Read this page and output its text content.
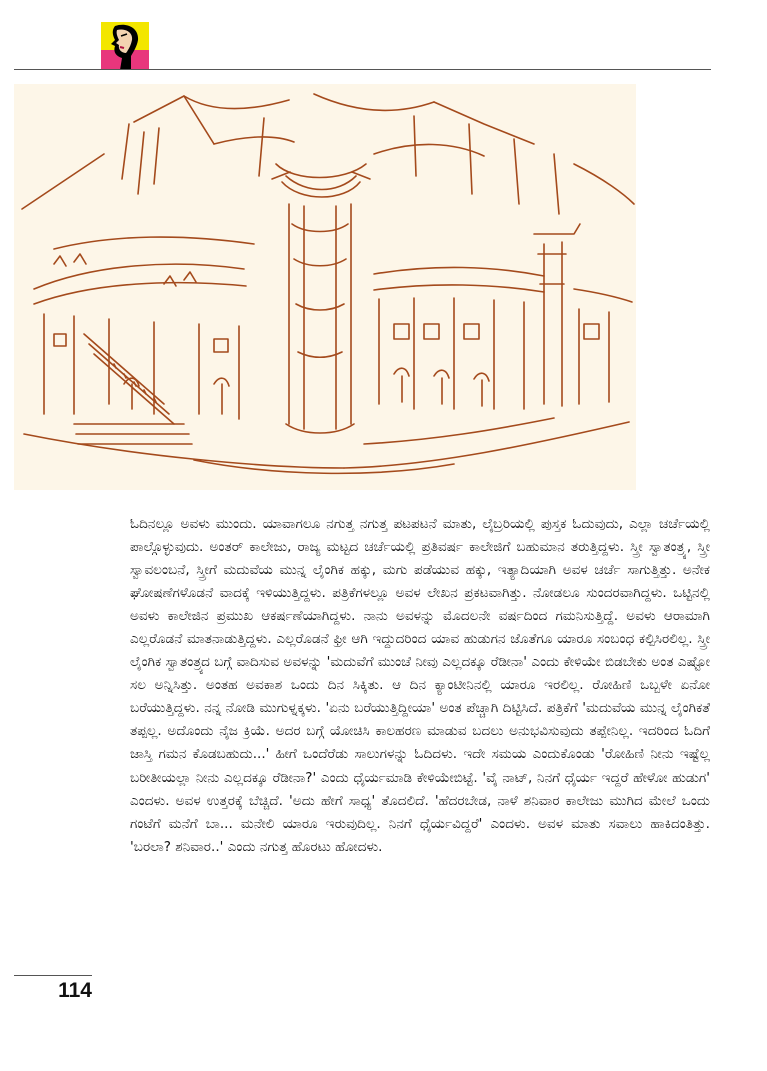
ಓದಿನಲ್ಲೂ ಅವಳು ಮುಂದು. ಯಾವಾಗಲೂ ನಗುತ್ತ ನಗುತ್ತ ಪಟಪಟನೆ ಮಾತು, ಲೈಬ್ರರಿಯಲ್ಲಿ ಪುಸ್ತಕ ಓದುವುದು, ಎಲ್ಲಾ ಚರ್ಚೆಯಲ್ಲಿ ಪಾಲ್ಗೊಳ್ಳುವುದು. ಅಂತರ್ ಕಾಲೇಜು, ರಾಜ್ಯ ಮಟ್ಟದ ಚರ್ಚೆಯಲ್ಲಿ ಪ್ರತಿವರ್ಷ ಕಾಲೇಜಿಗೆ ಬಹುಮಾನ ತರುತ್ತಿದ್ದಳು. ಸ್ತ್ರೀ ಸ್ವಾತಂತ್ರ್ಯ, ಸ್ತ್ರೀ ಸ್ವಾವಲಂಬನೆ, ಸ್ತ್ರೀಗೆ ಮದುವೆಯ ಮುನ್ನ ಲೈಂಗಿಕ ಹಕ್ಕು, ಮಗು ಪಡೆಯುವ ಹಕ್ಕು, ಇತ್ಯಾದಿಯಾಗಿ ಅವಳ ಚರ್ಚೆ ಸಾಗುತ್ತಿತ್ತು. ಅನೇಕ ಘೋಷಣೆಗಳೊಡನೆ ವಾದಕ್ಕೆ ಇಳಿಯುತ್ತಿದ್ದಳು. ಪತ್ರಿಕೆಗಳಲ್ಲೂ ಅವಳ ಲೇಖನ ಪ್ರಕಟವಾಗಿತ್ತು. ನೋಡಲೂ ಸುಂದರವಾಗಿದ್ದಳು. ಒಟ್ಟಿನಲ್ಲಿ ಅವಳು ಕಾಲೇಜಿನ ಪ್ರಮುಖ ಆಕರ್ಷಣೆಯಾಗಿದ್ದಳು. ನಾನು ಅವಳನ್ನು ಮೊದಲನೇ ವರ್ಷದಿಂದ ಗಮನಿಸುತ್ತಿದ್ದೆ. ಅವಳು ಆರಾಮಾಗಿ ಎಲ್ಲರೊಡನೆ ಮಾತನಾಡುತ್ತಿದ್ದಳು. ಎಲ್ಲರೊಡನೆ ಫ್ರೀ ಆಗಿ ಇದ್ದುದರಿಂದ ಯಾವ ಹುಡುಗನ ಜೊತೆಗೂ ಯಾರೂ ಸಂಬಂಧ ಕಲ್ಪಿಸಿರಲಿಲ್ಲ. ಸ್ತ್ರೀ ಲೈಂಗಿಕ ಸ್ವಾತಂತ್ರ್ಯದ ಬಗ್ಗೆ ವಾದಿಸುವ ಅವಳನ್ನು 'ಮದುವೆಗೆ ಮುಂಚೆ ನೀವು ಎಲ್ಲದಕ್ಕೂ ರೆಡೀನಾ' ಎಂದು ಕೇಳಿಯೇ ಬಿಡಬೇಕು ಅಂತ ಎಷ್ಟೋ ಸಲ ಅನ್ನಿಸಿತ್ತು. ಅಂತಹ ಅವಕಾಶ ಒಂದು ದಿನ ಸಿಕ್ಕಿತು. ಆ ದಿನ ಕ್ಯಾಂಟೀನಿನಲ್ಲಿ ಯಾರೂ ಇರಲಿಲ್ಲ. ರೋಹಿಣಿ ಒಬ್ಬಳೇ ಏನೋ ಬರೆಯುತ್ತಿದ್ದಳು. ನನ್ನ ನೋಡಿ ಮುಗುಳ್ನಕ್ಕಳು. 'ಏನು ಬರೆಯುತ್ತಿದ್ದೀಯಾ' ಅಂತ ಪೆಚ್ಚಾಗಿ ದಿಟ್ಟಿಸಿದೆ. ಪತ್ರಿಕೆಗೆ 'ಮದುವೆಯ ಮುನ್ನ ಲೈಂಗಿಕತೆ ತಪ್ಪಲ್ಲ. ಅದೊಂದು ನೈಜ ಕ್ರಿಯೆ. ಅದರ ಬಗ್ಗೆ ಯೋಚಿಸಿ ಕಾಲಹರಣ ಮಾಡುವ ಬದಲು ಅನುಭವಿಸುವುದು ತಪ್ಪೇನಿಲ್ಲ. ಇದರಿಂದ ಓದಿಗೆ ಜಾಸ್ತಿ ಗಮನ ಕೊಡಬಹುದು...' ಹೀಗೆ ಒಂದೆರೆಡು ಸಾಲುಗಳನ್ನು ಓದಿದಳು. ಇದೇ ಸಮಯ ಎಂದುಕೊಂಡು 'ರೋಹಿಣಿ ನೀನು ಇಷ್ಟೆಲ್ಲ ಬರೀತೀಯಲ್ಲಾ ನೀನು ಎಲ್ಲದಕ್ಕೂ ರೆಡೀನಾ?' ಎಂದು ಧೈರ್ಯಮಾಡಿ ಕೇಳಿಯೇಬಿಟ್ಟೆ. 'ವೈ ನಾಟ್, ನಿನಗೆ ಧೈರ್ಯ ಇದ್ದರೆ ಹೇಳೋ ಹುಡುಗ' ಎಂದಳು. ಅವಳ ಉತ್ತರಕ್ಕೆ ಬೆಚ್ಚಿದೆ. 'ಅದು ಹೇಗೆ ಸಾಧ್ಯ' ತೊದಲಿದೆ. 'ಹೆದರಬೇಡ, ನಾಳೆ ಶನಿವಾರ ಕಾಲೇಜು ಮುಗಿದ ಮೇಲೆ ಒಂದು ಗಂಟೆಗೆ ಮನೆಗೆ ಬಾ... ಮನೇಲಿ ಯಾರೂ ಇರುವುದಿಲ್ಲ. ನಿನಗೆ ಧೈರ್ಯವಿದ್ದರೆ' ಎಂದಳು. ಅವಳ ಮಾತು ಸವಾಲು ಹಾಕಿದಂತಿತ್ತು. 'ಬರಲಾ? ಶನಿವಾರ..' ಎಂದು ನಗುತ್ತ ಹೊರಟು ಹೋದಳು.

114
